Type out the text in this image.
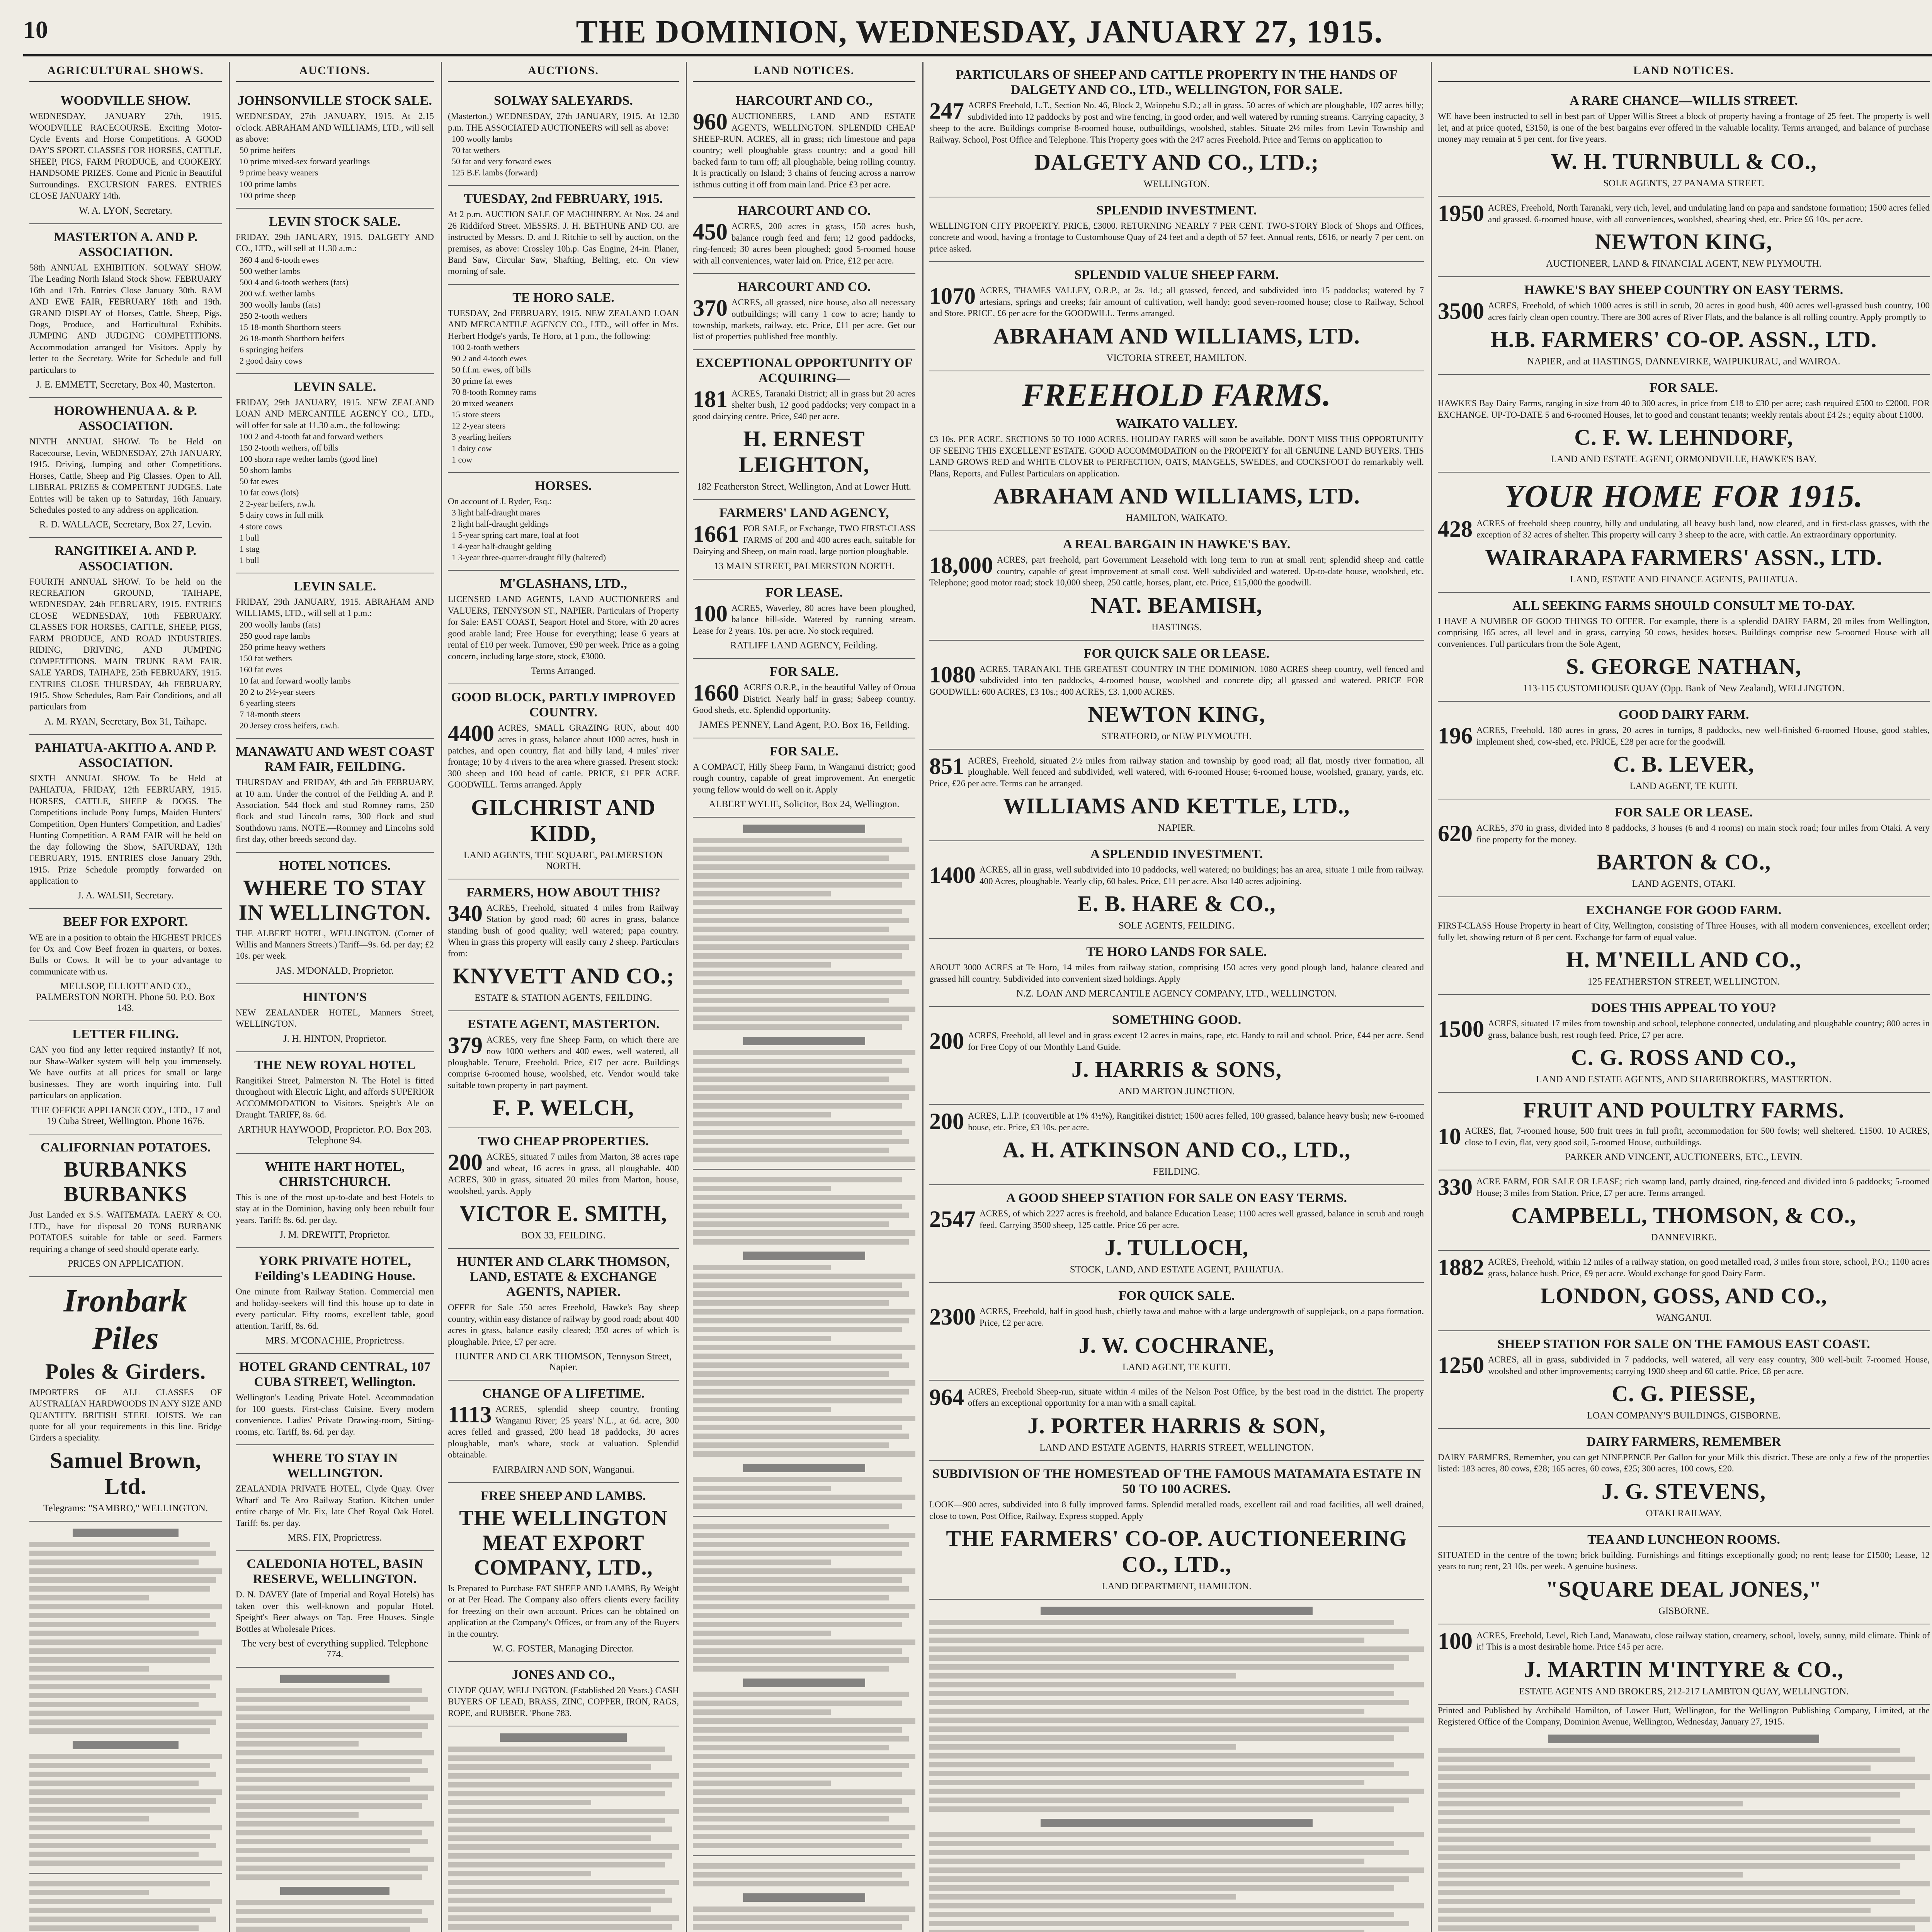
10	THE DOMINION, WEDNESDAY, JANUARY 27, 1915.
AGRICULTURAL SHOWS.
WOODVILLE SHOW.
WEDNESDAY, JANUARY 27th, 1915. WOODVILLE RACECOURSE. Exciting Motor-Cycle Events and Horse Competitions. A GOOD DAY'S SPORT. CLASSES FOR HORSES, CATTLE, SHEEP, PIGS, FARM PRODUCE, and COOKERY. HANDSOME PRIZES. Come and Picnic in Beautiful Surroundings. EXCURSION FARES. ENTRIES CLOSE JANUARY 14th.
W. A. LYON, Secretary.
MASTERTON A. AND P. ASSOCIATION.
58th ANNUAL EXHIBITION. SOLWAY SHOW. The Leading North Island Stock Show. FEBRUARY 16th and 17th. Entries Close January 30th. RAM AND EWE FAIR, FEBRUARY 18th and 19th. GRAND DISPLAY of Horses, Cattle, Sheep, Pigs, Dogs, Produce, and Horticultural Exhibits. JUMPING AND JUDGING COMPETITIONS. Accommodation arranged for Visitors. Apply by letter to the Secretary. Write for Schedule and full particulars to
J. E. EMMETT, Secretary, Box 40, Masterton.
HOROWHENUA A. & P. ASSOCIATION.
NINTH ANNUAL SHOW. To be Held on Racecourse, Levin, WEDNESDAY, 27th JANUARY, 1915. Driving, Jumping and other Competitions. Horses, Cattle, Sheep and Pig Classes. Open to All. LIBERAL PRIZES & COMPETENT JUDGES. Late Entries will be taken up to Saturday, 16th January. Schedules posted to any address on application.
R. D. WALLACE, Secretary, Box 27, Levin.
RANGITIKEI A. AND P. ASSOCIATION.
FOURTH ANNUAL SHOW. To be held on the RECREATION GROUND, TAIHAPE, WEDNESDAY, 24th FEBRUARY, 1915. ENTRIES CLOSE WEDNESDAY, 10th FEBRUARY. CLASSES FOR HORSES, CATTLE, SHEEP, PIGS, FARM PRODUCE, AND ROAD INDUSTRIES. RIDING, DRIVING, AND JUMPING COMPETITIONS. MAIN TRUNK RAM FAIR. SALE YARDS, TAIHAPE, 25th FEBRUARY, 1915. ENTRIES CLOSE THURSDAY, 4th FEBRUARY, 1915. Show Schedules, Ram Fair Conditions, and all particulars from
A. M. RYAN, Secretary, Box 31, Taihape.
PAHIATUA-AKITIO A. AND P. ASSOCIATION.
SIXTH ANNUAL SHOW. To be Held at PAHIATUA, FRIDAY, 12th FEBRUARY, 1915. HORSES, CATTLE, SHEEP & DOGS. The Competitions include Pony Jumps, Maiden Hunters' Competition, Open Hunters' Competition, and Ladies' Hunting Competition. A RAM FAIR will be held on the day following the Show, SATURDAY, 13th FEBRUARY, 1915. ENTRIES close January 29th, 1915. Prize Schedule promptly forwarded on application to
J. A. WALSH, Secretary.
BEEF FOR EXPORT.
WE are in a position to obtain the HIGHEST PRICES for Ox and Cow Beef frozen in quarters, or boxes. Bulls or Cows. It will be to your advantage to communicate with us.
MELLSOP, ELLIOTT AND CO., PALMERSTON NORTH. Phone 50. P.O. Box 143.
LETTER FILING.
CAN you find any letter required instantly? If not, our Shaw-Walker system will help you immensely. We have outfits at all prices for small or large businesses. They are worth inquiring into. Full particulars on application.
THE OFFICE APPLIANCE COY., LTD., 17 and 19 Cuba Street, Wellington. Phone 1676.
CALIFORNIAN POTATOES.
BURBANKS BURBANKS
Just Landed ex S.S. WAITEMATA. LAERY & CO. LTD., have for disposal 20 TONS BURBANK POTATOES suitable for table or seed. Farmers requiring a change of seed should operate early.
PRICES ON APPLICATION.
Ironbark Piles
Poles & Girders.
IMPORTERS OF ALL CLASSES OF AUSTRALIAN HARDWOODS IN ANY SIZE AND QUANTITY. BRITISH STEEL JOISTS. We can quote for all your requirements in this line. Bridge Girders a speciality.
Samuel Brown, Ltd.
Telegrams: "SAMBRO," WELLINGTON.
AUCTIONS.
JOHNSONVILLE STOCK SALE.
WEDNESDAY, 27th JANUARY, 1915. At 2.15 o'clock. ABRAHAM AND WILLIAMS, LTD., will sell as above:
50 prime heifers
10 prime mixed-sex forward yearlings
9 prime heavy weaners
100 prime lambs
100 prime sheep
LEVIN STOCK SALE.
FRIDAY, 29th JANUARY, 1915. DALGETY AND CO., LTD., will sell at 11.30 a.m.:
360 4 and 6-tooth ewes
500 wether lambs
500 4 and 6-tooth wethers (fats)
200 w.f. wether lambs
300 woolly lambs (fats)
250 2-tooth wethers
15 18-month Shorthorn steers
26 18-month Shorthorn heifers
6 springing heifers
2 good dairy cows
LEVIN SALE.
FRIDAY, 29th JANUARY, 1915. NEW ZEALAND LOAN AND MERCANTILE AGENCY CO., LTD., will offer for sale at 11.30 a.m., the following:
100 2 and 4-tooth fat and forward wethers
150 2-tooth wethers, off bills
100 shorn rape wether lambs (good line)
50 shorn lambs
50 fat ewes
10 fat cows (lots)
2 2-year heifers, r.w.h.
5 dairy cows in full milk
4 store cows
1 bull
1 stag
1 bull
LEVIN SALE.
FRIDAY, 29th JANUARY, 1915. ABRAHAM AND WILLIAMS, LTD., will sell at 1 p.m.:
200 woolly lambs (fats)
250 good rape lambs
250 prime heavy wethers
150 fat wethers
160 fat ewes
10 fat and forward woolly lambs
20 2 to 2½-year steers
6 yearling steers
7 18-month steers
20 Jersey cross heifers, r.w.h.
MANAWATU AND WEST COAST RAM FAIR, FEILDING.
THURSDAY and FRIDAY, 4th and 5th FEBRUARY, at 10 a.m. Under the control of the Feilding A. and P. Association. 544 flock and stud Romney rams, 250 flock and stud Lincoln rams, 300 flock and stud Southdown rams. NOTE.—Romney and Lincolns sold first day, other breeds second day.
HOTEL NOTICES.
WHERE TO STAY IN WELLINGTON.
THE ALBERT HOTEL, WELLINGTON. (Corner of Willis and Manners Streets.) Tariff—9s. 6d. per day; £2 10s. per week.
JAS. M'DONALD, Proprietor.
HINTON'S
NEW ZEALANDER HOTEL, Manners Street, WELLINGTON.
J. H. HINTON, Proprietor.
THE NEW ROYAL HOTEL
Rangitikei Street, Palmerston N. The Hotel is fitted throughout with Electric Light, and affords SUPERIOR ACCOMMODATION to Visitors. Speight's Ale on Draught. TARIFF, 8s. 6d.
ARTHUR HAYWOOD, Proprietor. P.O. Box 203. Telephone 94.
WHITE HART HOTEL, CHRISTCHURCH.
This is one of the most up-to-date and best Hotels to stay at in the Dominion, having only been rebuilt four years. Tariff: 8s. 6d. per day.
J. M. DREWITT, Proprietor.
YORK PRIVATE HOTEL, Feilding's LEADING House.
One minute from Railway Station. Commercial men and holiday-seekers will find this house up to date in every particular. Fifty rooms, excellent table, good attention. Tariff, 8s. 6d.
MRS. M'CONACHIE, Proprietress.
HOTEL GRAND CENTRAL, 107 CUBA STREET, Wellington.
Wellington's Leading Private Hotel. Accommodation for 100 guests. First-class Cuisine. Every modern convenience. Ladies' Private Drawing-room, Sitting-rooms, etc. Tariff, 8s. 6d. per day.
WHERE TO STAY IN WELLINGTON.
ZEALANDIA PRIVATE HOTEL, Clyde Quay. Over Wharf and Te Aro Railway Station. Kitchen under entire charge of Mr. Fix, late Chef Royal Oak Hotel. Tariff: 6s. per day.
MRS. FIX, Proprietress.
CALEDONIA HOTEL, BASIN RESERVE, WELLINGTON.
D. N. DAVEY (late of Imperial and Royal Hotels) has taken over this well-known and popular Hotel. Speight's Beer always on Tap. Free Houses. Single Bottles at Wholesale Prices.
The very best of everything supplied. Telephone 774.
AUCTIONS.
SOLWAY SALEYARDS.
(Masterton.) WEDNESDAY, 27th JANUARY, 1915. At 12.30 p.m. THE ASSOCIATED AUCTIONEERS will sell as above:
100 woolly lambs
70 fat wethers
50 fat and very forward ewes
125 B.F. lambs (forward)
TUESDAY, 2nd FEBRUARY, 1915.
At 2 p.m. AUCTION SALE OF MACHINERY. At Nos. 24 and 26 Riddiford Street. MESSRS. J. H. BETHUNE AND CO. are instructed by Messrs. D. and J. Ritchie to sell by auction, on the premises, as above: Crossley 10h.p. Gas Engine, 24-in. Planer, Band Saw, Circular Saw, Shafting, Belting, etc. On view morning of sale.
TE HORO SALE.
TUESDAY, 2nd FEBRUARY, 1915. NEW ZEALAND LOAN AND MERCANTILE AGENCY CO., LTD., will offer in Mrs. Herbert Hodge's yards, Te Horo, at 1 p.m., the following:
100 2-tooth wethers
90 2 and 4-tooth ewes
50 f.f.m. ewes, off bills
30 prime fat ewes
70 8-tooth Romney rams
20 mixed weaners
15 store steers
12 2-year steers
3 yearling heifers
1 dairy cow
1 cow
HORSES.
On account of J. Ryder, Esq.:
3 light half-draught mares
2 light half-draught geldings
1 5-year spring cart mare, foal at foot
1 4-year half-draught gelding
1 3-year three-quarter-draught filly (haltered)
M'GLASHANS, LTD.,
LICENSED LAND AGENTS, LAND AUCTIONEERS and VALUERS, TENNYSON ST., NAPIER. Particulars of Property for Sale: EAST COAST, Seaport Hotel and Store, with 20 acres good arable land; Free House for everything; lease 6 years at rental of £10 per week. Turnover, £90 per week. Price as a going concern, including large store, stock, £3000.
Terms Arranged.
GOOD BLOCK, PARTLY IMPROVED COUNTRY.
4400 ACRES, SMALL GRAZING RUN, about 400 acres in grass, balance about 1000 acres, bush in patches, and open country, flat and hilly land, 4 miles' river frontage; 10 by 4 rivers to the area where grassed. Present stock: 300 sheep and 100 head of cattle. PRICE, £1 PER ACRE GOODWILL. Terms arranged. Apply
GILCHRIST AND KIDD,
LAND AGENTS, THE SQUARE, PALMERSTON NORTH.
FARMERS, HOW ABOUT THIS?
340 ACRES, Freehold, situated 4 miles from Railway Station by good road; 60 acres in grass, balance standing bush of good quality; well watered; papa country. When in grass this property will easily carry 2 sheep. Particulars from:
KNYVETT AND CO.;
ESTATE & STATION AGENTS, FEILDING.
ESTATE AGENT, MASTERTON.
379 ACRES, very fine Sheep Farm, on which there are now 1000 wethers and 400 ewes, well watered, all ploughable. Tenure, Freehold. Price, £17 per acre. Buildings comprise 6-roomed house, woolshed, etc. Vendor would take suitable town property in part payment.
F. P. WELCH,
TWO CHEAP PROPERTIES.
200 ACRES, situated 7 miles from Marton, 38 acres rape and wheat, 16 acres in grass, all ploughable. 400 ACRES, 300 in grass, situated 20 miles from Marton, house, woolshed, yards. Apply
VICTOR E. SMITH,
BOX 33, FEILDING.
HUNTER AND CLARK THOMSON, LAND, ESTATE & EXCHANGE AGENTS, NAPIER.
OFFER for Sale 550 acres Freehold, Hawke's Bay sheep country, within easy distance of railway by good road; about 400 acres in grass, balance easily cleared; 350 acres of which is ploughable. Price, £7 per acre.
HUNTER AND CLARK THOMSON, Tennyson Street, Napier.
CHANGE OF A LIFETIME.
1113 ACRES, splendid sheep country, fronting Wanganui River; 25 years' N.L., at 6d. acre, 300 acres felled and grassed, 200 head 18 paddocks, 30 acres ploughable, man's whare, stock at valuation. Splendid obtainable.
FAIRBAIRN AND SON, Wanganui.
FREE SHEEP AND LAMBS.
THE WELLINGTON MEAT EXPORT COMPANY, LTD.,
Is Prepared to Purchase FAT SHEEP AND LAMBS, By Weight or at Per Head. The Company also offers clients every facility for freezing on their own account. Prices can be obtained on application at the Company's Offices, or from any of the Buyers in the country.
W. G. FOSTER, Managing Director.
JONES AND CO.,
CLYDE QUAY, WELLINGTON. (Established 20 Years.) CASH BUYERS OF LEAD, BRASS, ZINC, COPPER, IRON, RAGS, ROPE, and RUBBER. 'Phone 783.
LAND NOTICES.
HARCOURT AND CO.,
960 AUCTIONEERS, LAND AND ESTATE AGENTS, WELLINGTON. SPLENDID CHEAP SHEEP-RUN. ACRES, all in grass; rich limestone and papa country; well ploughable grass country; and a good hill backed farm to turn off; all ploughable, being rolling country. It is practically on Island; 3 chains of fencing across a narrow isthmus cutting it off from main land. Price £3 per acre.
HARCOURT AND CO.
450 ACRES, 200 acres in grass, 150 acres bush, balance rough feed and fern; 12 good paddocks, ring-fenced; 30 acres been ploughed; good 5-roomed house with all conveniences, water laid on. Price, £12 per acre.
HARCOURT AND CO.
370 ACRES, all grassed, nice house, also all necessary outbuildings; will carry 1 cow to acre; handy to township, markets, railway, etc. Price, £11 per acre. Get our list of properties published free monthly.
EXCEPTIONAL OPPORTUNITY OF ACQUIRING—
181 ACRES, Taranaki District; all in grass but 20 acres shelter bush, 12 good paddocks; very compact in a good dairying centre. Price, £40 per acre.
H. ERNEST LEIGHTON,
182 Featherston Street, Wellington, And at Lower Hutt.
FARMERS' LAND AGENCY,
1661 FOR SALE, or Exchange, TWO FIRST-CLASS FARMS of 200 and 400 acres each, suitable for Dairying and Sheep, on main road, large portion ploughable.
13 MAIN STREET, PALMERSTON NORTH.
FOR LEASE.
100 ACRES, Waverley, 80 acres have been ploughed, balance hill-side. Watered by running stream. Lease for 2 years. 10s. per acre. No stock required.
RATLIFF LAND AGENCY, Feilding.
FOR SALE.
1660 ACRES O.R.P., in the beautiful Valley of Oroua District. Nearly half in grass; Sabeep country. Good sheds, etc. Splendid opportunity.
JAMES PENNEY, Land Agent, P.O. Box 16, Feilding.
FOR SALE.
A COMPACT, Hilly Sheep Farm, in Wanganui district; good rough country, capable of great improvement. An energetic young fellow would do well on it. Apply
ALBERT WYLIE, Solicitor, Box 24, Wellington.
PARTICULARS OF SHEEP AND CATTLE PROPERTY IN THE HANDS OF DALGETY AND CO., LTD., WELLINGTON, FOR SALE.
247 ACRES Freehold, L.T., Section No. 46, Block 2, Waiopehu S.D.; all in grass. 50 acres of which are ploughable, 107 acres hilly; subdivided into 12 paddocks by post and wire fencing, in good order, and well watered by running streams. Carrying capacity, 3 sheep to the acre. Buildings comprise 8-roomed house, outbuildings, woolshed, stables. Situate 2½ miles from Levin Township and Railway. School, Post Office and Telephone. This Property goes with the 247 acres Freehold. Price and Terms on application to
DALGETY AND CO., LTD.;
WELLINGTON.
SPLENDID INVESTMENT.
WELLINGTON CITY PROPERTY. PRICE, £3000. RETURNING NEARLY 7 PER CENT. TWO-STORY Block of Shops and Offices, concrete and wood, having a frontage to Customhouse Quay of 24 feet and a depth of 57 feet. Annual rents, £616, or nearly 7 per cent. on price asked.
SPLENDID VALUE SHEEP FARM.
1070 ACRES, THAMES VALLEY, O.R.P., at 2s. 1d.; all grassed, fenced, and subdivided into 15 paddocks; watered by 7 artesians, springs and creeks; fair amount of cultivation, well handy; good seven-roomed house; close to Railway, School and Store. PRICE, £6 per acre for the GOODWILL. Terms arranged.
ABRAHAM AND WILLIAMS, LTD.
VICTORIA STREET, HAMILTON.
FREEHOLD FARMS.
WAIKATO VALLEY.
£3 10s. PER ACRE. SECTIONS 50 TO 1000 ACRES. HOLIDAY FARES will soon be available. DON'T MISS THIS OPPORTUNITY OF SEEING THIS EXCELLENT ESTATE. GOOD ACCOMMODATION on the PROPERTY for all GENUINE LAND BUYERS. THIS LAND GROWS RED and WHITE CLOVER to PERFECTION, OATS, MANGELS, SWEDES, and COCKSFOOT do remarkably well. Plans, Reports, and Fullest Particulars on application.
ABRAHAM AND WILLIAMS, LTD.
HAMILTON, WAIKATO.
A REAL BARGAIN IN HAWKE'S BAY.
18,000 ACRES, part freehold, part Government Leasehold with long term to run at small rent; splendid sheep and cattle country, capable of great improvement at small cost. Well subdivided and watered. Up-to-date house, woolshed, etc. Telephone; good motor road; stock 10,000 sheep, 250 cattle, horses, plant, etc. Price, £15,000 the goodwill.
NAT. BEAMISH,
HASTINGS.
FOR QUICK SALE OR LEASE.
1080 ACRES. TARANAKI. THE GREATEST COUNTRY IN THE DOMINION. 1080 ACRES sheep country, well fenced and subdivided into ten paddocks, 4-roomed house, woolshed and concrete dip; all grassed and watered. PRICE FOR GOODWILL: 600 ACRES, £3 10s.; 400 ACRES, £3. 1,000 ACRES.
NEWTON KING,
STRATFORD, or NEW PLYMOUTH.
851 ACRES, Freehold, situated 2½ miles from railway station and township by good road; all flat, mostly river formation, all ploughable. Well fenced and subdivided, well watered, with 6-roomed House; 6-roomed house, woolshed, granary, yards, etc. Price, £26 per acre. Terms can be arranged.
WILLIAMS AND KETTLE, LTD.,
NAPIER.
A SPLENDID INVESTMENT.
1400 ACRES, all in grass, well subdivided into 10 paddocks, well watered; no buildings; has an area, situate 1 mile from railway. 400 Acres, ploughable. Yearly clip, 60 bales. Price, £11 per acre. Also 140 acres adjoining.
E. B. HARE & CO.,
SOLE AGENTS, FEILDING.
TE HORO LANDS FOR SALE.
ABOUT 3000 ACRES at Te Horo, 14 miles from railway station, comprising 150 acres very good plough land, balance cleared and grassed hill country. Subdivided into convenient sized holdings. Apply
N.Z. LOAN AND MERCANTILE AGENCY COMPANY, LTD., WELLINGTON.
SOMETHING GOOD.
200 ACRES, Freehold, all level and in grass except 12 acres in mains, rape, etc. Handy to rail and school. Price, £44 per acre. Send for Free Copy of our Monthly Land Guide.
J. HARRIS & SONS,
AND MARTON JUNCTION.
200 ACRES, L.I.P. (convertible at 1% 4½%), Rangitikei district; 1500 acres felled, 100 grassed, balance heavy bush; new 6-roomed house, etc. Price, £3 10s. per acre.
A. H. ATKINSON AND CO., LTD.,
FEILDING.
A GOOD SHEEP STATION FOR SALE ON EASY TERMS.
2547 ACRES, of which 2227 acres is freehold, and balance Education Lease; 1100 acres well grassed, balance in scrub and rough feed. Carrying 3500 sheep, 125 cattle. Price £6 per acre.
J. TULLOCH,
STOCK, LAND, AND ESTATE AGENT, PAHIATUA.
FOR QUICK SALE.
2300 ACRES, Freehold, half in good bush, chiefly tawa and mahoe with a large undergrowth of supplejack, on a papa formation. Price, £2 per acre.
J. W. COCHRANE,
LAND AGENT, TE KUITI.
964 ACRES, Freehold Sheep-run, situate within 4 miles of the Nelson Post Office, by the best road in the district. The property offers an exceptional opportunity for a man with a small capital.
J. PORTER HARRIS & SON,
LAND AND ESTATE AGENTS, HARRIS STREET, WELLINGTON.
SUBDIVISION OF THE HOMESTEAD OF THE FAMOUS MATAMATA ESTATE IN 50 TO 100 ACRES.
LOOK—900 acres, subdivided into 8 fully improved farms. Splendid metalled roads, excellent rail and road facilities, all well drained, close to town, Post Office, Railway, Express stopped. Apply
THE FARMERS' CO-OP. AUCTIONEERING CO., LTD.,
LAND DEPARTMENT, HAMILTON.
LAND NOTICES.
A RARE CHANCE—WILLIS STREET.
WE have been instructed to sell in best part of Upper Willis Street a block of property having a frontage of 25 feet. The property is well let, and at price quoted, £3150, is one of the best bargains ever offered in the valuable locality. Terms arranged, and balance of purchase money may remain at 5 per cent. for five years.
W. H. TURNBULL & CO.,
SOLE AGENTS, 27 PANAMA STREET.
1950 ACRES, Freehold, North Taranaki, very rich, level, and undulating land on papa and sandstone formation; 1500 acres felled and grassed. 6-roomed house, with all conveniences, woolshed, shearing shed, etc. Price £6 10s. per acre.
NEWTON KING,
AUCTIONEER, LAND & FINANCIAL AGENT, NEW PLYMOUTH.
HAWKE'S BAY SHEEP COUNTRY ON EASY TERMS.
3500 ACRES, Freehold, of which 1000 acres is still in scrub, 20 acres in good bush, 400 acres well-grassed bush country, 100 acres fairly clean open country. There are 300 acres of River Flats, and the balance is all rolling country. Apply promptly to
H.B. FARMERS' CO-OP. ASSN., LTD.
NAPIER, and at HASTINGS, DANNEVIRKE, WAIPUKURAU, and WAIROA.
FOR SALE.
HAWKE'S Bay Dairy Farms, ranging in size from 40 to 300 acres, in price from £18 to £30 per acre; cash required £500 to £2000. FOR EXCHANGE. UP-TO-DATE 5 and 6-roomed Houses, let to good and constant tenants; weekly rentals about £4 2s.; equity about £1000.
C. F. W. LEHNDORF,
LAND AND ESTATE AGENT, ORMONDVILLE, HAWKE'S BAY.
YOUR HOME FOR 1915.
428 ACRES of freehold sheep country, hilly and undulating, all heavy bush land, now cleared, and in first-class grasses, with the exception of 32 acres of shelter. This property will carry 3 sheep to the acre, with cattle. An extraordinary opportunity.
WAIRARAPA FARMERS' ASSN., LTD.
LAND, ESTATE AND FINANCE AGENTS, PAHIATUA.
ALL SEEKING FARMS SHOULD CONSULT ME TO-DAY.
I HAVE A NUMBER OF GOOD THINGS TO OFFER. For example, there is a splendid DAIRY FARM, 20 miles from Wellington, comprising 165 acres, all level and in grass, carrying 50 cows, besides horses. Buildings comprise new 5-roomed House with all conveniences. Full particulars from the Sole Agent,
S. GEORGE NATHAN,
113-115 CUSTOMHOUSE QUAY (Opp. Bank of New Zealand), WELLINGTON.
GOOD DAIRY FARM.
196 ACRES, Freehold, 180 acres in grass, 20 acres in turnips, 8 paddocks, new well-finished 6-roomed House, good stables, implement shed, cow-shed, etc. PRICE, £28 per acre for the goodwill.
C. B. LEVER,
LAND AGENT, TE KUITI.
FOR SALE OR LEASE.
620 ACRES, 370 in grass, divided into 8 paddocks, 3 houses (6 and 4 rooms) on main stock road; four miles from Otaki. A very fine property for the money.
BARTON & CO.,
LAND AGENTS, OTAKI.
EXCHANGE FOR GOOD FARM.
FIRST-CLASS House Property in heart of City, Wellington, consisting of Three Houses, with all modern conveniences, excellent order; fully let, showing return of 8 per cent. Exchange for farm of equal value.
H. M'NEILL AND CO.,
125 FEATHERSTON STREET, WELLINGTON.
DOES THIS APPEAL TO YOU?
1500 ACRES, situated 17 miles from township and school, telephone connected, undulating and ploughable country; 800 acres in grass, balance bush, rest rough feed. Price, £7 per acre.
C. G. ROSS AND CO.,
LAND AND ESTATE AGENTS, AND SHAREBROKERS, MASTERTON.
FRUIT AND POULTRY FARMS.
10 ACRES, flat, 7-roomed house, 500 fruit trees in full profit, accommodation for 500 fowls; well sheltered. £1500. 10 ACRES, close to Levin, flat, very good soil, 5-roomed House, outbuildings.
PARKER AND VINCENT, AUCTIONEERS, ETC., LEVIN.
330 ACRE FARM, FOR SALE OR LEASE; rich swamp land, partly drained, ring-fenced and divided into 6 paddocks; 5-roomed House; 3 miles from Station. Price, £7 per acre. Terms arranged.
CAMPBELL, THOMSON, & CO.,
DANNEVIRKE.
1882 ACRES, Freehold, within 12 miles of a railway station, on good metalled road, 3 miles from store, school, P.O.; 1100 acres grass, balance bush. Price, £9 per acre. Would exchange for good Dairy Farm.
LONDON, GOSS, AND CO.,
WANGANUI.
SHEEP STATION FOR SALE ON THE FAMOUS EAST COAST.
1250 ACRES, all in grass, subdivided in 7 paddocks, well watered, all very easy country, 300 well-built 7-roomed House, woolshed and other improvements; carrying 1900 sheep and 60 cattle. Price, £8 per acre.
C. G. PIESSE,
LOAN COMPANY'S BUILDINGS, GISBORNE.
DAIRY FARMERS, REMEMBER
DAIRY FARMERS, Remember, you can get NINEPENCE Per Gallon for your Milk this district. These are only a few of the properties listed: 183 acres, 80 cows, £28; 165 acres, 60 cows, £25; 300 acres, 100 cows, £20.
J. G. STEVENS,
OTAKI RAILWAY.
TEA AND LUNCHEON ROOMS.
SITUATED in the centre of the town; brick building. Furnishings and fittings exceptionally good; no rent; lease for £1500; Lease, 12 years to run; rent, 23 10s. per week. A genuine business.
"SQUARE DEAL JONES,"
GISBORNE.
100 ACRES, Freehold, Level, Rich Land, Manawatu, close railway station, creamery, school, lovely, sunny, mild climate. Think of it! This is a most desirable home. Price £45 per acre.
J. MARTIN M'INTYRE & CO.,
ESTATE AGENTS AND BROKERS, 212-217 LAMBTON QUAY, WELLINGTON.
Printed and Published by Archibald Hamilton, of Lower Hutt, Wellington, for the Wellington Publishing Company, Limited, at the Registered Office of the Company, Dominion Avenue, Wellington, Wednesday, January 27, 1915.
